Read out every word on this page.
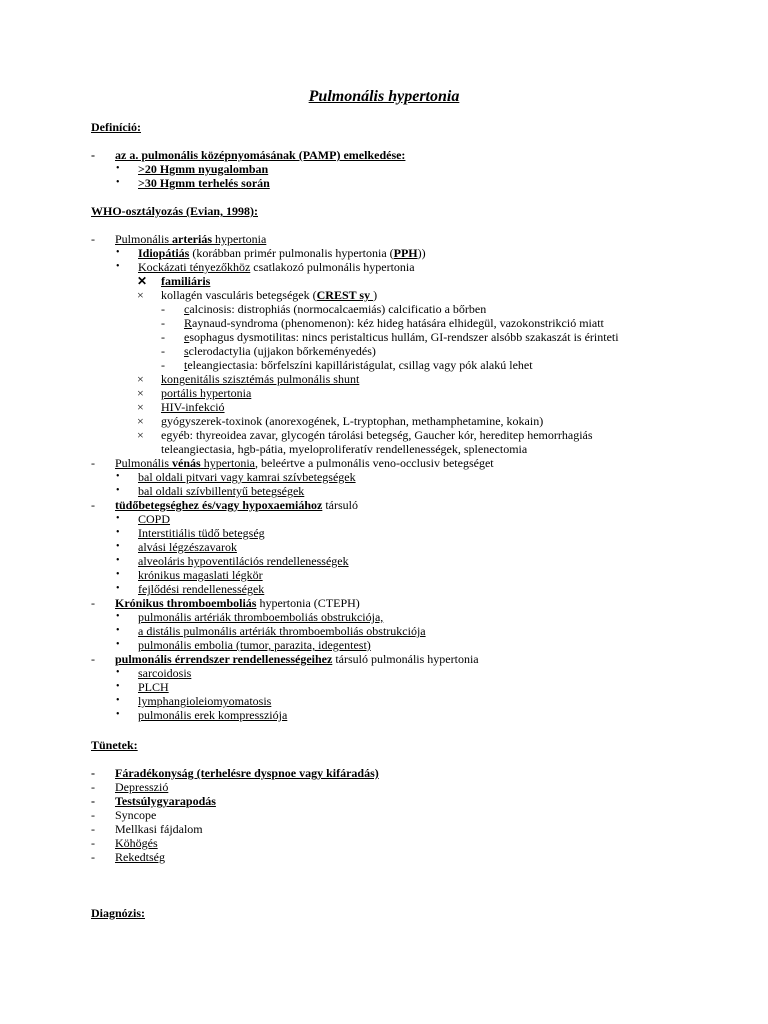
Pulmonális hypertonia
Definíció:
- az a. pulmonális középnyomásának (PAMP) emelkedése:
• >20 Hgmm nyugalomban
• >30 Hgmm terhelés során
WHO-osztályozás (Evian, 1998):
- Pulmonális arteriás hypertonia
• Idiopátiás (korábban primér pulmonalis hypertonia (PPH))
• Kockázati tényezőkhöz csatlakozó pulmonális hypertonia
✕ familiáris
× kollagén vasculáris betegségek (CREST sy )
- calcinosis: distrophiás (normocalcaemiás) calcificatio a bőrben
- Raynaud-syndroma (phenomenon): kéz hideg hatására elhidegül, vazokonstrikció miatt
- esophagus dysmotilitas: nincs peristalticus hullám, GI-rendszer alsóbb szakaszát is érinteti
- sclerodactylia (ujjakon bőrkeményedés)
- teleangiectasia: bőrfelszíni kapilláristágulat, csillag vagy pók alakú lehet
× kongenitális szisztémás pulmonális shunt
× portális hypertonia
× HIV-infekció
× gyógyszerek-toxinok (anorexogének, L-tryptophan, methamphetamine, kokain)
× egyéb: thyreoidea zavar, glycogén tárolási betegség, Gaucher kór, hereditер hemorrhagiás
teleangiectasia, hgb-pátia, myeloproliferatív rendellenességek, splenectomia
- Pulmonális vénás hypertonia, beleértve a pulmonális veno-occlusiv betegséget
• bal oldali pitvari vagy kamrai szívbetegségek
• bal oldali szívbillentyű betegségek
- tüdőbetegséghez és/vagy hypoxaemiához társuló
• COPD
• Interstitiális tüdő betegség
• alvási légzészavarok
• alveoláris hypoventilációs rendellenességek
• krónikus magaslati légkör
• fejlődési rendellenességek
- Krónikus thromboemboliás hypertonia (CTEPH)
• pulmonális artériák thromboemboliás obstrukciója,
• a distális pulmonális artériák thromboemboliás obstrukciója
• pulmonális embolia (tumor, parazita, idegentest)
- pulmonális érrendszer rendellenességeihez társuló pulmonális hypertonia
• sarcoidosis
• PLCH
• lymphangioleiomyomatosis
• pulmonális erek kompressziója
Tünetek:
- Fáradékonyság (terhelésre dyspnoe vagy kifáradás)
- Depresszió
- Testsúlygyarapodás
- Syncope
- Mellkasi fájdalom
- Köhögés
- Rekedtség
Diagnózis:
